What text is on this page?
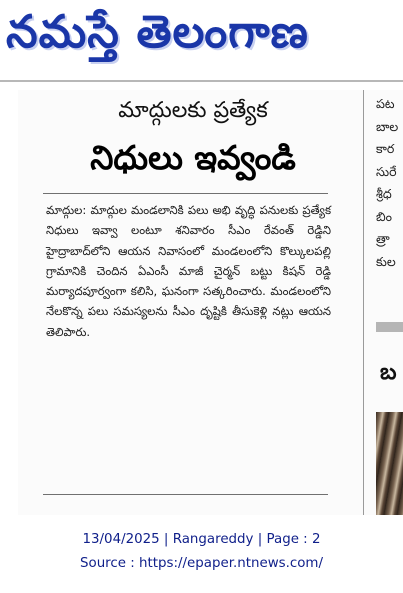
నమస్తే తెలంగాణ
మాద్గులకు ప్రత్యేక
నిధులు ఇవ్వండి

మాద్గుల: మాద్గుల మండలానికి పలు అభి వృద్ధి పనులకు ప్రత్యేక నిధులు ఇవ్వా లంటూ శనివారం సీఎం రేవంత్ రెడ్డిని హైద్రాబాద్‌లోని ఆయన నివాసంలో మండలంలోని కొల్కులపల్లి గ్రామానికి చెందిన ఏఎంసీ మాజీ చైర్మన్ బట్టు కిషన్ రెడ్డి మర్యాదపూర్వంగా కలిసి, ఘనంగా సత్కరించారు. మండలంలోని నేలకొన్న పలు సమస్యలను సీఎం దృష్టికి తీసుకెళ్లి నట్లు ఆయన తెలిపారు.

పట
బాల
కార
సురే
శ్రీధ
బిం
త్రా
కుల
బ
13/04/2025 | Rangareddy | Page : 2
Source : https://epaper.ntnews.com/
